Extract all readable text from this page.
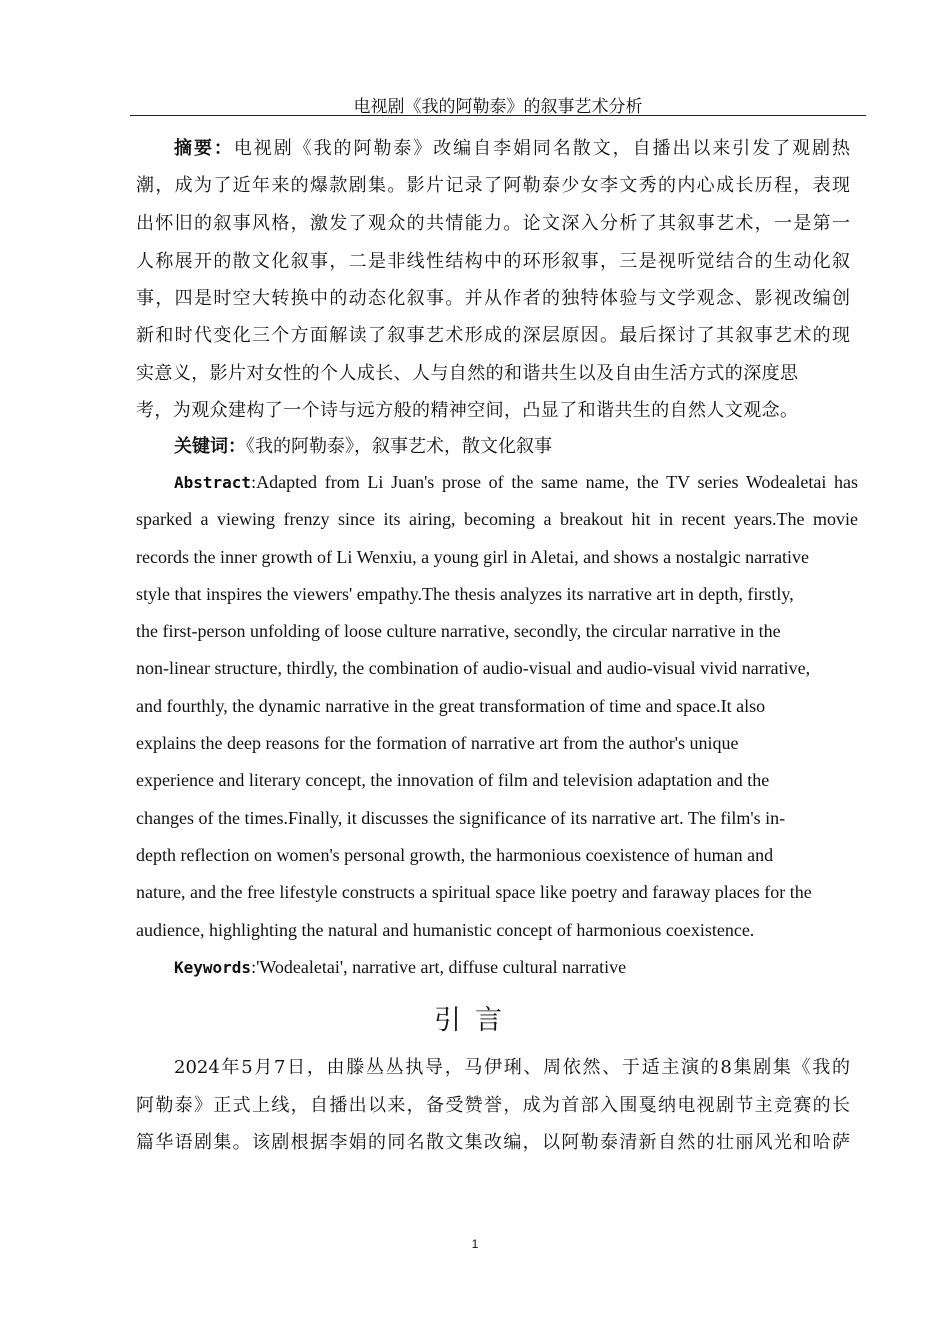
电视剧《我的阿勒泰》的叙事艺术分析
摘要：电视剧《我的阿勒泰》改编自李娟同名散文，自播出以来引发了观剧热
潮，成为了近年来的爆款剧集。影片记录了阿勒泰少女李文秀的内心成长历程，表现
出怀旧的叙事风格，激发了观众的共情能力。论文深入分析了其叙事艺术，一是第一
人称展开的散文化叙事，二是非线性结构中的环形叙事，三是视听觉结合的生动化叙
事，四是时空大转换中的动态化叙事。并从作者的独特体验与文学观念、影视改编创
新和时代变化三个方面解读了叙事艺术形成的深层原因。最后探讨了其叙事艺术的现
实意义，影片对女性的个人成长、人与自然的和谐共生以及自由生活方式的深度思
考，为观众建构了一个诗与远方般的精神空间，凸显了和谐共生的自然人文观念。
关键词：《我的阿勒泰》，叙事艺术，散文化叙事
Abstract:Adapted from Li Juan's prose of the same name, the TV series Wodealetai has
sparked a viewing frenzy since its airing, becoming a breakout hit in recent years.The movie
records the inner growth of Li Wenxiu, a young girl in Aletai, and shows a nostalgic narrative
style that inspires the viewers' empathy.The thesis analyzes its narrative art in depth, firstly,
the first-person unfolding of loose culture narrative, secondly, the circular narrative in the
non-linear structure, thirdly, the combination of audio-visual and audio-visual vivid narrative,
and fourthly, the dynamic narrative in the great transformation of time and space.It also
explains the deep reasons for the formation of narrative art from the author's unique
experience and literary concept, the innovation of film and television adaptation and the
changes of the times.Finally, it discusses the significance of its narrative art. The film's in-
depth reflection on women's personal growth, the harmonious coexistence of human and
nature, and the free lifestyle constructs a spiritual space like poetry and faraway places for the
audience, highlighting the natural and humanistic concept of harmonious coexistence.
Keywords:'Wodealetai', narrative art, diffuse cultural narrative
引言
2024年5月7日，由滕丛丛执导，马伊琍、周依然、于适主演的8集剧集《我的
阿勒泰》正式上线，自播出以来，备受赞誉，成为首部入围戛纳电视剧节主竞赛的长
篇华语剧集。该剧根据李娟的同名散文集改编，以阿勒泰清新自然的壮丽风光和哈萨
1
